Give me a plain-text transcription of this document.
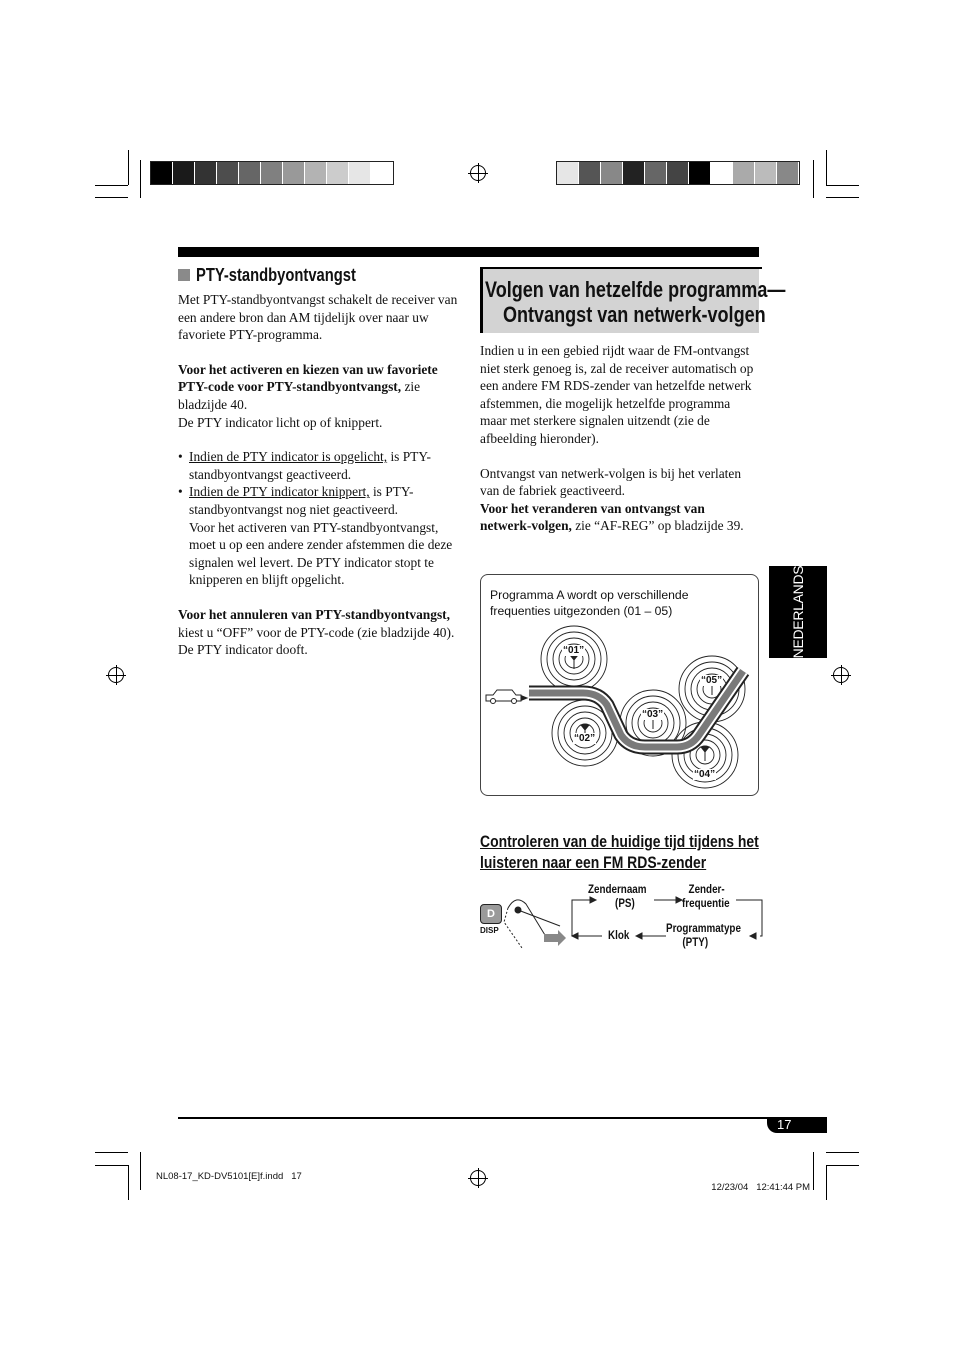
PTY-standbyontvangst

Met PTY-standbyontvangst schakelt de receiver van een andere bron dan AM tijdelijk over naar uw favoriete PTY-programma.

Voor het activeren en kiezen van uw favoriete PTY-code voor PTY-standbyontvangst, zie bladzijde 40.

De PTY indicator licht op of knippert.

• Indien de PTY indicator is opgelicht, is PTY-standbyontvangst geactiveerd.
• Indien de PTY indicator knippert, is PTY-standbyontvangst nog niet geactiveerd.
Voor het activeren van PTY-standbyontvangst, moet u op een andere zender afstemmen die deze signalen wel levert. De PTY indicator stopt te knipperen en blijft opgelicht.

Voor het annuleren van PTY-standbyontvangst, kiest u “OFF” voor de PTY-code (zie bladzijde 40). De PTY indicator dooft.

Volgen van hetzelfde programma—
Ontvangst van netwerk-volgen

Indien u in een gebied rijdt waar de FM-ontvangst niet sterk genoeg is, zal de receiver automatisch op een andere FM RDS-zender van hetzelfde netwerk afstemmen, die mogelijk hetzelfde programma maar met sterkere signalen uitzendt (zie de afbeelding hieronder).

Ontvangst van netwerk-volgen is bij het verlaten van de fabriek geactiveerd.

Voor het veranderen van ontvangst van netwerk-volgen, zie “AF-REG” op bladzijde 39.

Programma A wordt op verschillende frequenties uitgezonden (01 – 05)
“01”
“02”
“03”
“04”
“05”
Controleren van de huidige tijd tijdens het
luisteren naar een FM RDS-zender
D
DISP
Zendernaam
(PS)
Zender-
frequentie
Programmatype
(PTY)
Klok
NEDERLANDS
17
NL08-17_KD-DV5101[E]f.indd   17

12/23/04 12:41:44 PM
